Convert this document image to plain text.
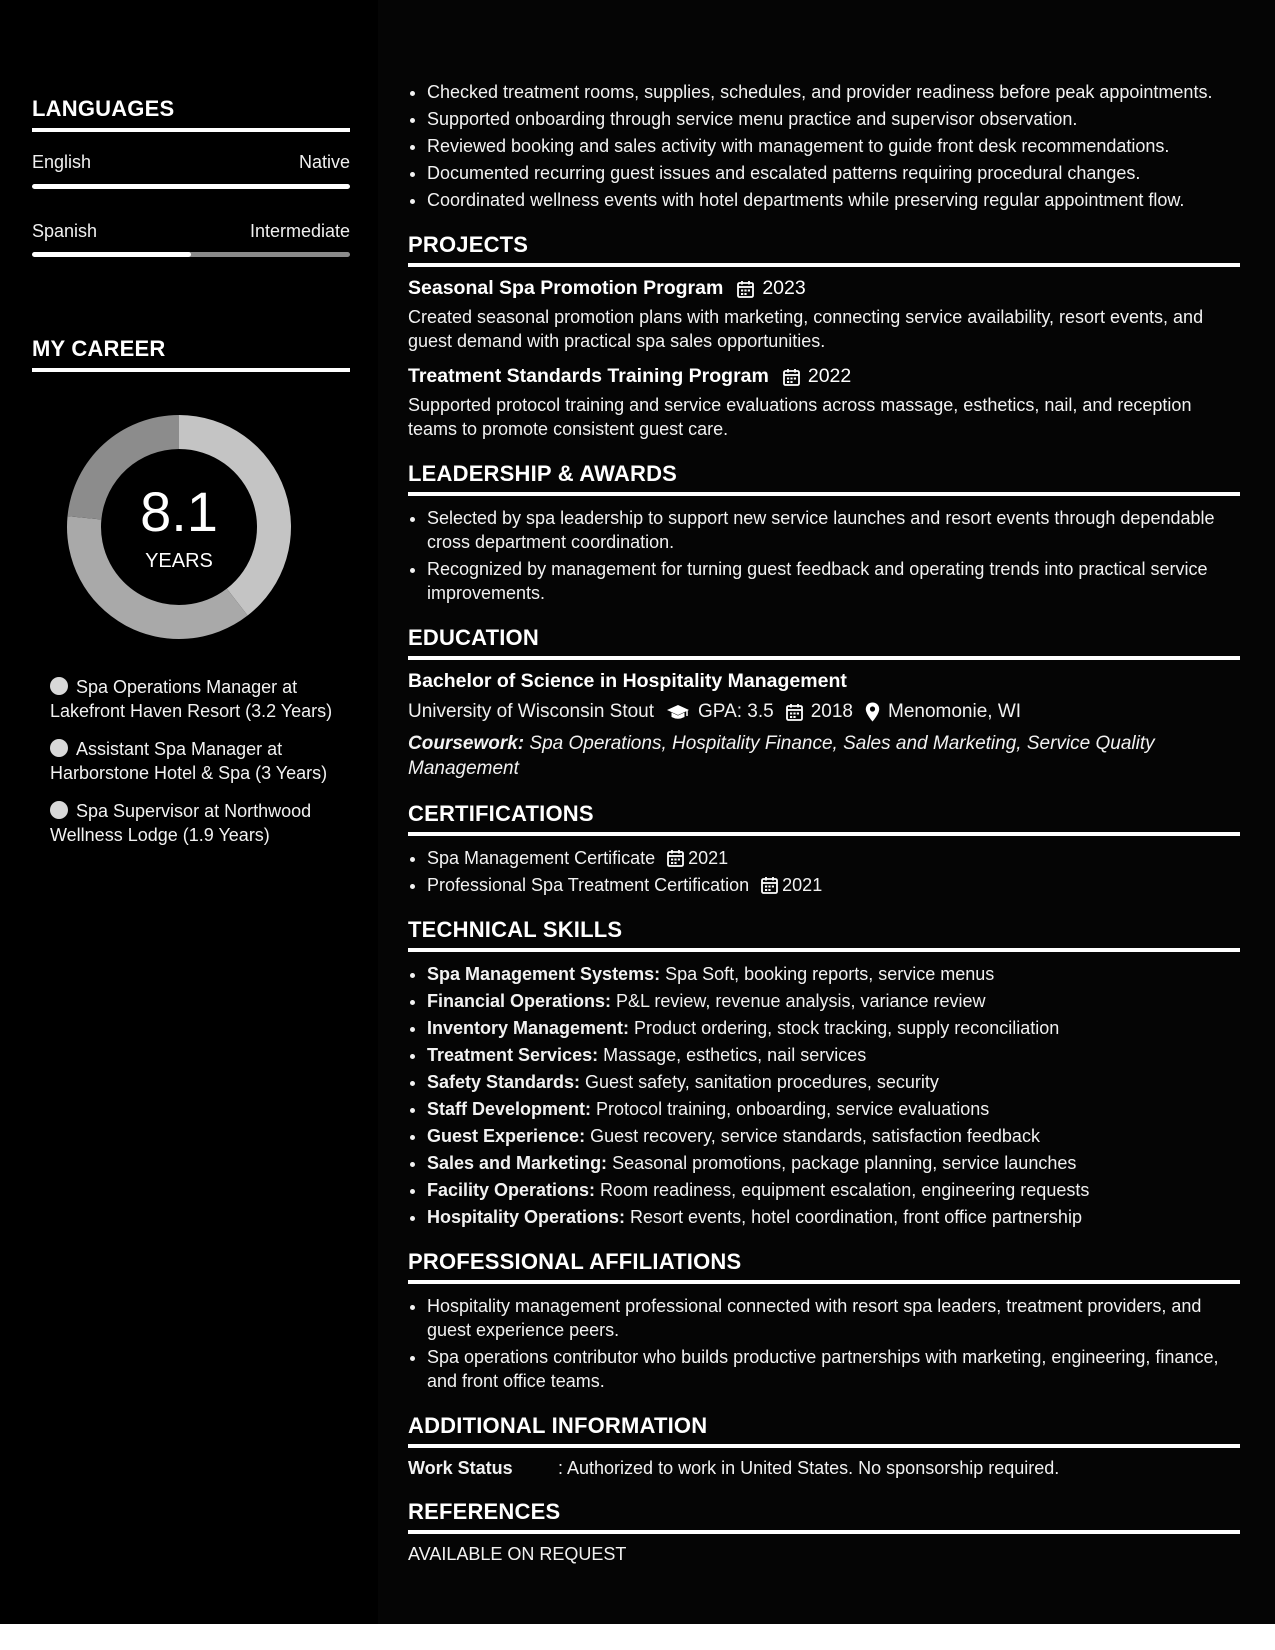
LANGUAGES
English	Native
Spanish	Intermediate
MY CAREER
8.1
YEARS
Spa Operations Manager at Lakefront Haven Resort (3.2 Years)
Assistant Spa Manager at Harborstone Hotel & Spa (3 Years)
Spa Supervisor at Northwood Wellness Lodge (1.9 Years)
• Checked treatment rooms, supplies, schedules, and provider readiness before peak appointments.
• Supported onboarding through service menu practice and supervisor observation.
• Reviewed booking and sales activity with management to guide front desk recommendations.
• Documented recurring guest issues and escalated patterns requiring procedural changes.
• Coordinated wellness events with hotel departments while preserving regular appointment flow.
PROJECTS
Seasonal Spa Promotion Program 2023
Created seasonal promotion plans with marketing, connecting service availability, resort events, and guest demand with practical spa sales opportunities.
Treatment Standards Training Program 2022
Supported protocol training and service evaluations across massage, esthetics, nail, and reception teams to promote consistent guest care.
LEADERSHIP & AWARDS
• Selected by spa leadership to support new service launches and resort events through dependable cross department coordination.
• Recognized by management for turning guest feedback and operating trends into practical service improvements.
EDUCATION
Bachelor of Science in Hospitality Management
University of Wisconsin Stout GPA: 3.5 2018 Menomonie, WI
Coursework: Spa Operations, Hospitality Finance, Sales and Marketing, Service Quality Management
CERTIFICATIONS
• Spa Management Certificate 2021
• Professional Spa Treatment Certification 2021
TECHNICAL SKILLS
• Spa Management Systems: Spa Soft, booking reports, service menus
• Financial Operations: P&L review, revenue analysis, variance review
• Inventory Management: Product ordering, stock tracking, supply reconciliation
• Treatment Services: Massage, esthetics, nail services
• Safety Standards: Guest safety, sanitation procedures, security
• Staff Development: Protocol training, onboarding, service evaluations
• Guest Experience: Guest recovery, service standards, satisfaction feedback
• Sales and Marketing: Seasonal promotions, package planning, service launches
• Facility Operations: Room readiness, equipment escalation, engineering requests
• Hospitality Operations: Resort events, hotel coordination, front office partnership
PROFESSIONAL AFFILIATIONS
• Hospitality management professional connected with resort spa leaders, treatment providers, and guest experience peers.
• Spa operations contributor who builds productive partnerships with marketing, engineering, finance, and front office teams.
ADDITIONAL INFORMATION
Work Status	: Authorized to work in United States. No sponsorship required.
REFERENCES
AVAILABLE ON REQUEST
